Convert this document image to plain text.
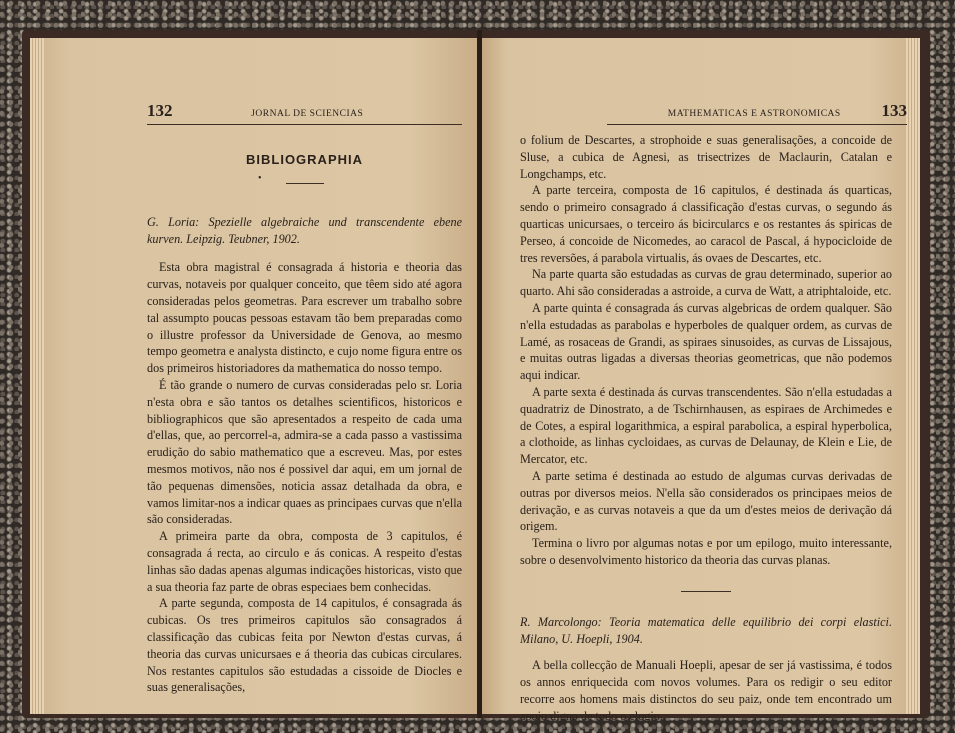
132	JORNAL DE SCIENCIAS
•
BIBLIOGRAPHIA

G. Loria: Spezielle algebraiche und transcendente ebene kurven. Leipzig. Teubner, 1902.

Esta obra magistral é consagrada á historia e theoria das curvas, notaveis por qualquer conceito, que têem sido até agora consideradas pelos geometras. Para escrever um trabalho sobre tal assumpto poucas pessoas estavam tão bem preparadas como o illustre professor da Universidade de Genova, ao mesmo tempo geometra e analysta distincto, e cujo nome figura entre os dos primeiros historiadores da mathematica do nosso tempo.

É tão grande o numero de curvas consideradas pelo sr. Loria n'esta obra e são tantos os detalhes scientificos, historicos e bibliographicos que são apresentados a respeito de cada uma d'ellas, que, ao percorrel-a, admira-se a cada passo a vastissima erudição do sabio mathematico que a escreveu. Mas, por estes mesmos motivos, não nos é possivel dar aqui, em um jornal de tão pequenas dimensões, noticia assaz detalhada da obra, e vamos limitar-nos a indicar quaes as principaes curvas que n'ella são consideradas.

A primeira parte da obra, composta de 3 capitulos, é consagrada á recta, ao circulo e ás conicas. A respeito d'estas linhas são dadas apenas algumas indicações historicas, visto que a sua theoria faz parte de obras especiaes bem conhecidas.

A parte segunda, composta de 14 capitulos, é consagrada ás cubicas. Os tres primeiros capitulos são consagrados á classificação das cubicas feita por Newton d'estas curvas, á theoria das curvas unicursaes e á theoria das cubicas circulares. Nos restantes capitulos são estudadas a cissoide de Diocles e suas generalisações,

MATHEMATICAS E ASTRONOMICAS 133

o folium de Descartes, a strophoide e suas generalisações, a concoide de Sluse, a cubica de Agnesi, as trisectrizes de Maclaurin, Catalan e Longchamps, etc.

A parte terceira, composta de 16 capitulos, é destinada ás quarticas, sendo o primeiro consagrado á classificação d'estas curvas, o segundo ás quarticas unicursaes, o terceiro ás bicircularcs e os restantes ás spiricas de Perseo, á concoide de Nicomedes, ao caracol de Pascal, á hypocicloide de tres reversões, á parabola virtualis, ás ovaes de Descartes, etc.

Na parte quarta são estudadas as curvas de grau determinado, superior ao quarto. Ahi são consideradas a astroide, a curva de Watt, a atriphtaloide, etc.

A parte quinta é consagrada ás curvas algebricas de ordem qualquer. São n'ella estudadas as parabolas e hyperboles de qualquer ordem, as curvas de Lamé, as rosaceas de Grandi, as spiraes sinusoides, as curvas de Lissajous, e muitas outras ligadas a diversas theorias geometricas, que não podemos aqui indicar.

A parte sexta é destinada ás curvas transcendentes. São n'ella estudadas a quadratriz de Dinostrato, a de Tschirnhausen, as espiraes de Archimedes e de Cotes, a espiral logarithmica, a espiral parabolica, a espiral hyperbolica, a clothoide, as linhas cycloidaes, as curvas de Delaunay, de Klein e Lie, de Mercator, etc.

A parte setima é destinada ao estudo de algumas curvas derivadas de outras por diversos meios. N'ella são considerados os principaes meios de derivação, e as curvas notaveis a que da um d'estes meios de derivação dá origem.

Termina o livro por algumas notas e por um epilogo, muito interessante, sobre o desenvolvimento historico da theoria das curvas planas.

R. Marcolongo: Teoria matematica delle equilibrio dei corpi elastici. Milano, U. Hoepli, 1904.

A bella collecção de Manuali Hoepli, apesar de ser já vastissima, é todos os annos enriquecida com novos volumes. Para os redigir o seu editor recorre aos homens mais distinctos do seu paiz, onde tem encontrado um apoio digno de todo o elogio.
